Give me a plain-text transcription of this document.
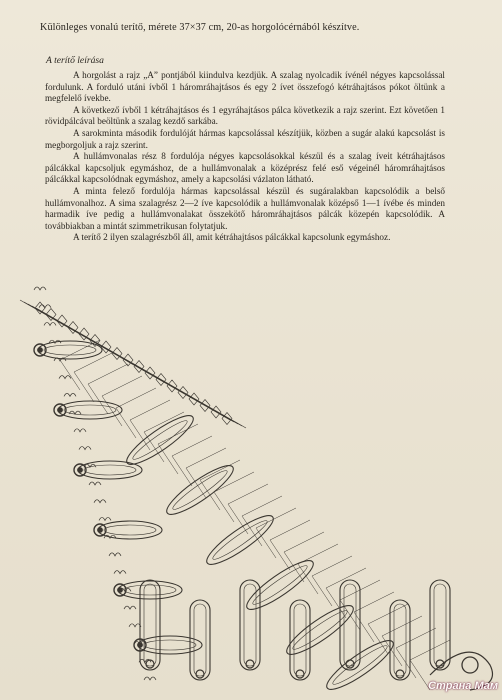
Különleges vonalú terítő, mérete 37×37 cm, 20-as horgolócérnából készítve.
A terítő leírása

A horgolást a rajz „A” pontjából kiindulva kezdjük. A szalag nyolcadik ívénél négyes kapcsolással fordulunk. A forduló utáni ívből 1 háromráhajtásos és egy 2 ívet összefogó kétráhajtásos pókot öltünk a megfelelő ívekbe.

A következő ívből 1 kétráhajtásos és 1 egyráhajtásos pálca következik a rajz szerint. Ezt követően 1 rövidpálcával beöltünk a szalag kezdő sarkába.

A sarokminta második fordulóját hármas kapcsolással készítjük, közben a sugár alakú kapcsolást is megborgoljuk a rajz szerint.

A hullámvonalas rész 8 fordulója négyes kapcsolásokkal készül és a szalag íveit kétráhajtásos pálcákkal kapcsoljuk egymáshoz, de a hullámvonalak a középrész felé eső végeinél háromráhajtásos pálcákkal kapcsolódnak egymáshoz, amely a kapcsolási vázlaton látható.

A minta felező fordulója hármas kapcsolással készül és sugáralakban kapcsolódik a belső hullámvonalhoz. A sima szalagrész 2—2 íve kapcsolódik a hullámvonalak középső 1—1 ívébe és minden harmadik íve pedig a hullámvonalakat összekötő háromráhajtásos pálcák közepén kapcsolódik. A továbbiakban a mintát szimmetrikusan folytatjuk.

A terítő 2 ilyen szalagrészből áll, amit kétráhajtásos pálcákkal kapcsolunk egymáshoz.

Страна Мам
